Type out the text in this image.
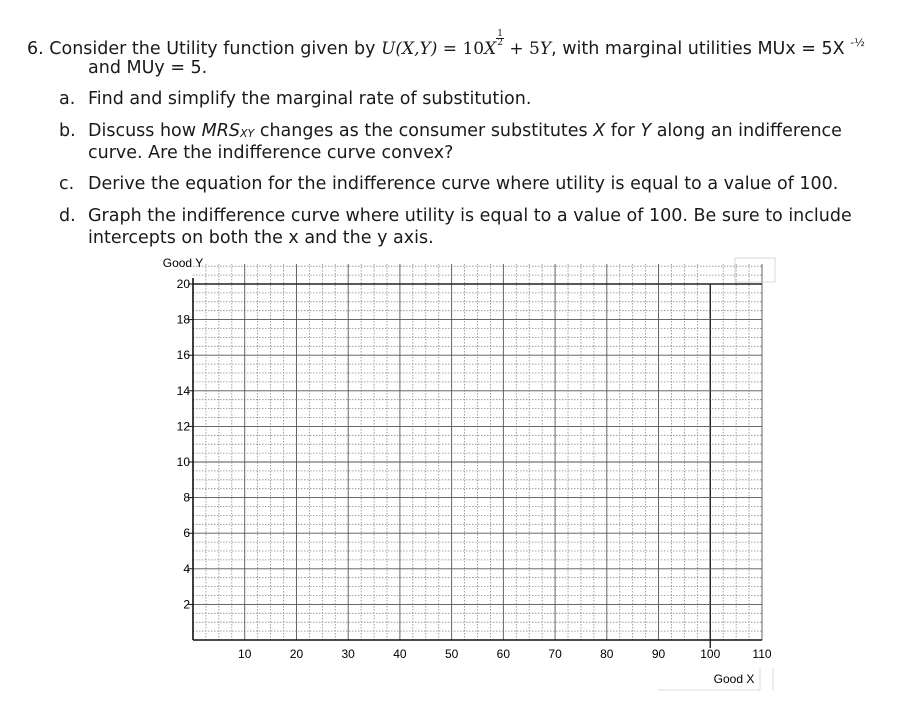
6. Consider the Utility function given by U(X,Y) = 10X
$\frac{1}{2}$
+ 5Y, with marginal utilities MUx = 5X $^{-\frac{1}{2}}$
and MUy = 5.
a. Find and simplify the marginal rate of substitution.
b. Discuss how $MRS_{XY}$ changes as the consumer substitutes X for Y along an indifference
curve. Are the indifference curve convex?
c. Derive the equation for the indifference curve where utility is equal to a value of 100.
d. Graph the indifference curve where utility is equal to a value of 100. Be sure to include
intercepts on both the x and the y axis.
2
4
6
8
10
12
14
16
18
20
10	20	30	40	50	60	70	80	90	100	110
Good Y
Good X
